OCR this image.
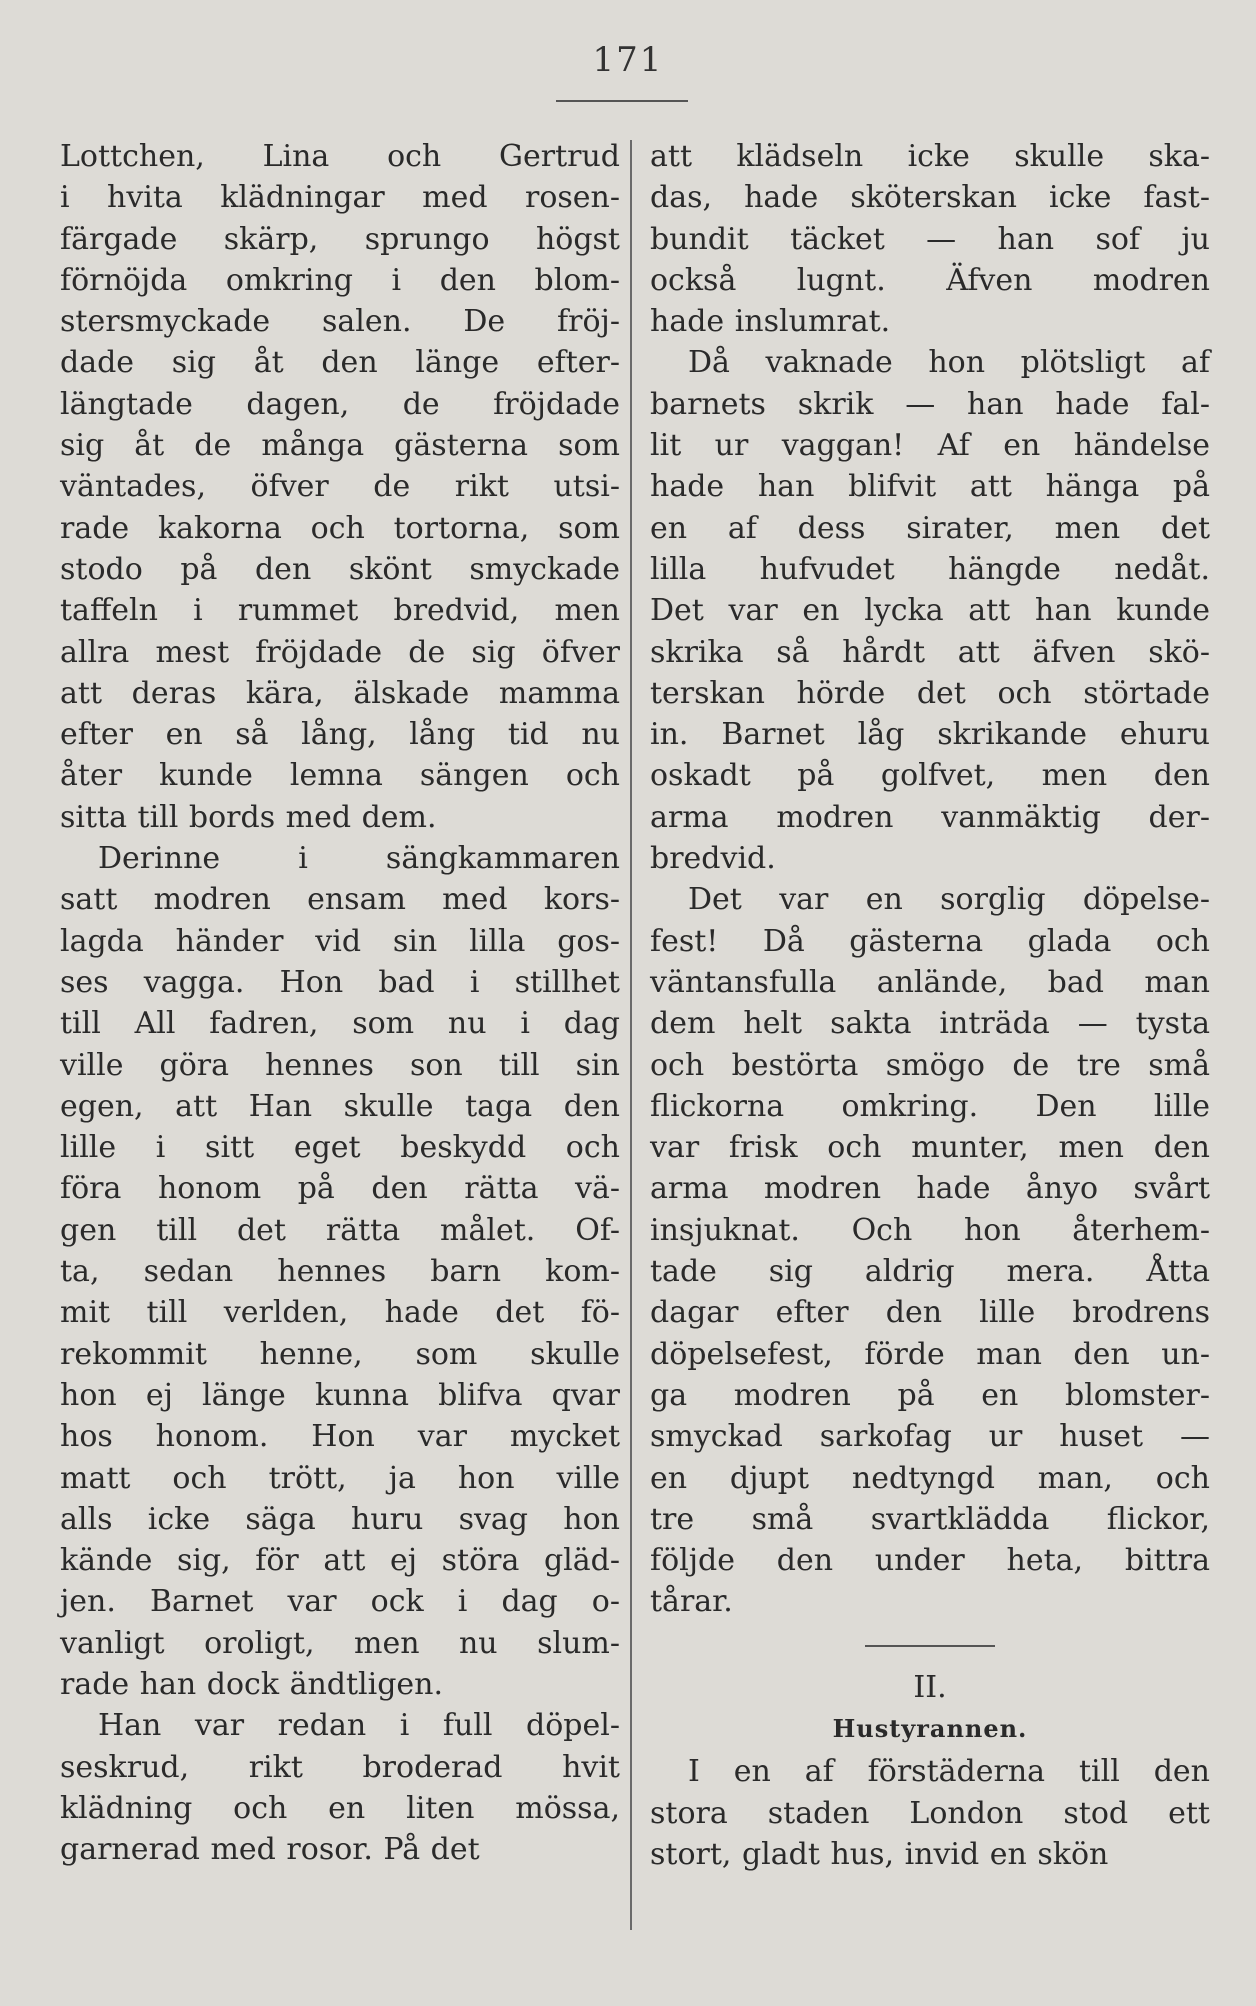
171
Lottchen, Lina och Gertrud
i hvita klädningar med rosen-
färgade skärp, sprungo högst
förnöjda omkring i den blom-
stersmyckade salen. De fröj-
dade sig åt den länge efter-
längtade dagen, de fröjdade
sig åt de många gästerna som
väntades, öfver de rikt utsi-
rade kakorna och tortorna, som
stodo på den skönt smyckade
taffeln i rummet bredvid, men
allra mest fröjdade de sig öfver
att deras kära, älskade mamma
efter en så lång, lång tid nu
åter kunde lemna sängen och
sitta till bords med dem.
Derinne i sängkammaren
satt modren ensam med kors-
lagda händer vid sin lilla gos-
ses vagga. Hon bad i stillhet
till All fadren, som nu i dag
ville göra hennes son till sin
egen, att Han skulle taga den
lille i sitt eget beskydd och
föra honom på den rätta vä-
gen till det rätta målet. Of-
ta, sedan hennes barn kom-
mit till verlden, hade det fö-
rekommit henne, som skulle
hon ej länge kunna blifva qvar
hos honom. Hon var mycket
matt och trött, ja hon ville
alls icke säga huru svag hon
kände sig, för att ej störa gläd-
jen. Barnet var ock i dag o-
vanligt oroligt, men nu slum-
rade han dock ändtligen.
Han var redan i full döpel-
seskrud, rikt broderad hvit
klädning och en liten mössa,
garnerad med rosor. På det
att klädseln icke skulle ska-
das, hade sköterskan icke fast-
bundit täcket — han sof ju
också lugnt. Äfven modren
hade inslumrat.
Då vaknade hon plötsligt af
barnets skrik — han hade fal-
lit ur vaggan! Af en händelse
hade han blifvit att hänga på
en af dess sirater, men det
lilla hufvudet hängde nedåt.
Det var en lycka att han kunde
skrika så hårdt att äfven skö-
terskan hörde det och störtade
in. Barnet låg skrikande ehuru
oskadt på golfvet, men den
arma modren vanmäktig der-
bredvid.
Det var en sorglig döpelse-
fest! Då gästerna glada och
väntansfulla anlände, bad man
dem helt sakta inträda — tysta
och bestörta smögo de tre små
flickorna omkring. Den lille
var frisk och munter, men den
arma modren hade ånyo svårt
insjuknat. Och hon återhem-
tade sig aldrig mera. Åtta
dagar efter den lille brodrens
döpelsefest, förde man den un-
ga modren på en blomster-
smyckad sarkofag ur huset —
en djupt nedtyngd man, och
tre små svartklädda flickor,
följde den under heta, bittra
tårar.
II.
Hustyrannen.
I en af förstäderna till den
stora staden London stod ett
stort, gladt hus, invid en skön
